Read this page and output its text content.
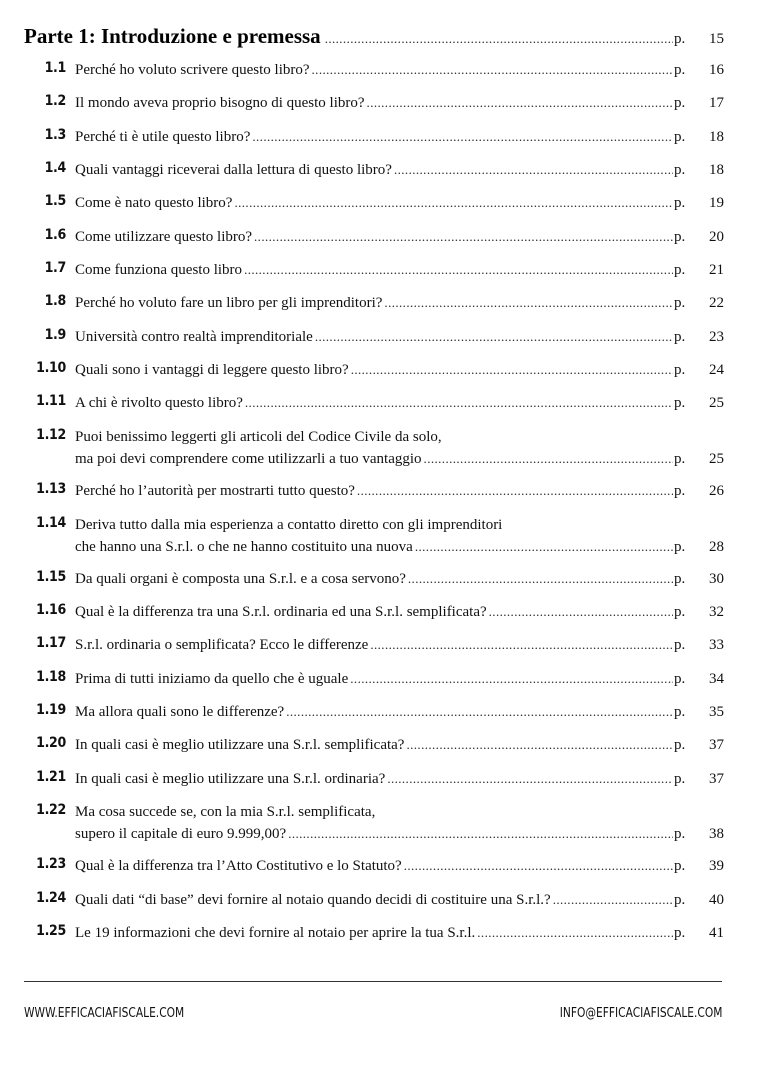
Parte 1: Introduzione e premessa .....	p.	15
1.1 Perché ho voluto scrivere questo libro? .....	p.	16
1.2 Il mondo aveva proprio bisogno di questo libro? .....	p.	17
1.3 Perché ti è utile questo libro? .....	p.	18
1.4 Quali vantaggi riceverai dalla lettura di questo libro? .....	p.	18
1.5 Come è nato questo libro? .....	p.	19
1.6 Come utilizzare questo libro? .....	p.	20
1.7 Come funziona questo libro .....	p.	21
1.8 Perché ho voluto fare un libro per gli imprenditori? .....	p.	22
1.9 Università contro realtà imprenditoriale .....	p.	23
1.10 Quali sono i vantaggi di leggere questo libro? .....	p.	24
1.11 A chi è rivolto questo libro? .....	p.	25
1.12 Puoi benissimo leggerti gli articoli del Codice Civile da solo,
ma poi devi comprendere come utilizzarli a tuo vantaggio .....	p.	25
1.13 Perché ho l’autorità per mostrarti tutto questo? .....	p.	26
1.14 Deriva tutto dalla mia esperienza a contatto diretto con gli imprenditori
che hanno una S.r.l. o che ne hanno costituito una nuova .....	p.	28
1.15 Da quali organi è composta una S.r.l. e a cosa servono? .....	p.	30
1.16 Qual è la differenza tra una S.r.l. ordinaria ed una S.r.l. semplificata? .....	p.	32
1.17 S.r.l. ordinaria o semplificata? Ecco le differenze .....	p.	33
1.18 Prima di tutti iniziamo da quello che è uguale .....	p.	34
1.19 Ma allora quali sono le differenze? .....	p.	35
1.20 In quali casi è meglio utilizzare una S.r.l. semplificata? .....	p.	37
1.21 In quali casi è meglio utilizzare una S.r.l. ordinaria? .....	p.	37
1.22 Ma cosa succede se, con la mia S.r.l. semplificata,
supero il capitale di euro 9.999,00? .....	p.	38
1.23 Qual è la differenza tra l’Atto Costitutivo e lo Statuto? .....	p.	39
1.24 Quali dati “di base” devi fornire al notaio quando decidi di costituire una S.r.l.? .....	p.	40
1.25 Le 19 informazioni che devi fornire al notaio per aprire la tua S.r.l. .....	p.	41
WWW.EFFICACIAFISCALE.COM	INFO@EFFICACIAFISCALE.COM
